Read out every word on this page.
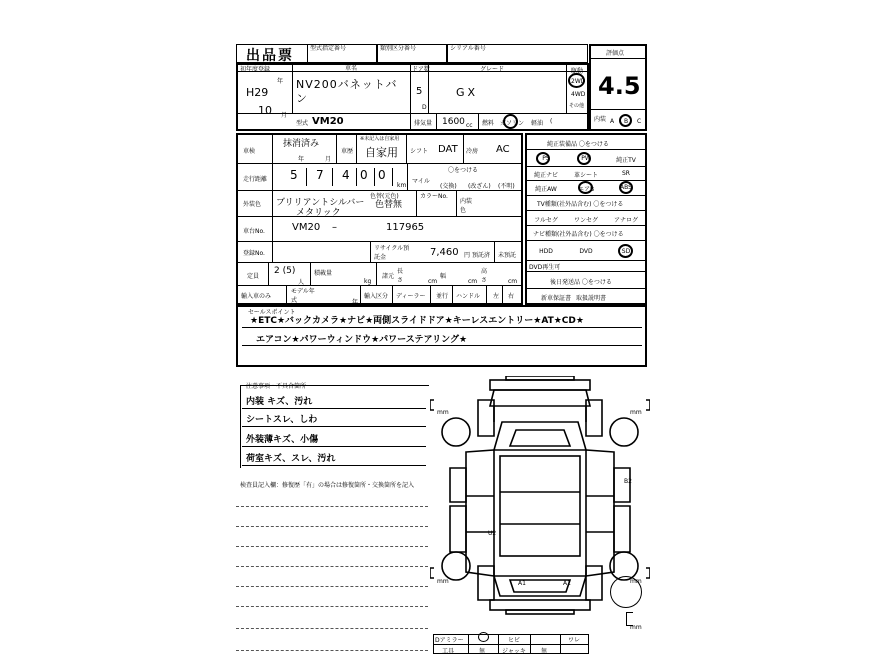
出品票	型式指定番号	類別区分番号	シリアル番号
評価点
4.5
内装 A B C
初年度登録
H29
年
10 月
車名
NV200バネットバン
ドア数
5
D
グレード
GX
駆動
2WD
4WD
その他
型式 VM20	排気量 1600 cc 燃料 ガソリン 軽油 (
車検
抹消済み
年	月
車歴
※未記入は自家用
自家用 シフト DAT 冷房 AC
走行距離 5 7 4 0 0
km
〇をつける
マイル
(交換) (改ざん) (不明)
外装色 ブリリアントシルバー
メタリック
色替(元色)
色替無
カラーNo.
内装色
車台No.	VM20 –	117965
登録No.
リサイクル預託金	7,460 円 預託済 未預託
定員
2 (5)
人
積載量
kg
諸元
長さ	cm
幅
cm
高さ	cm
輸入車のみ
モデル年式	年
輸入区分 ディーラー 並行 ハンドル 左 右
純正装備品 〇をつける
PS	PW	純正TV
純正ナビ	革シート	SR
純正AW	エアB	ABS
TV種類(社外品含む) 〇をつける
フルセグ	ワンセグ	アナログ
ナビ種類(社外品含む) 〇をつける
HDD	DVD	SD
DVD再生可
後日発送品 〇をつける
新車保証書 取扱説明書
セールスポイント
★ETC★バックカメラ★ナビ★両側スライドドア★キーレスエントリー★AT★CD★
エアコン★パワーウィンドウ★パワーステアリング★
注意事項・不具合箇所
内装 キズ、汚れ
シートスレ、しわ
外装薄キズ、小傷
荷室キズ、スレ、汚れ
検査員記入欄：修復歴「有」の場合は修復箇所・交換箇所を記入
mm	mm
mm	mm
B2
U2
A1	A1
mm
Dアミラー	ヒビ	ワレ
工具	無	ジャッキ	無
